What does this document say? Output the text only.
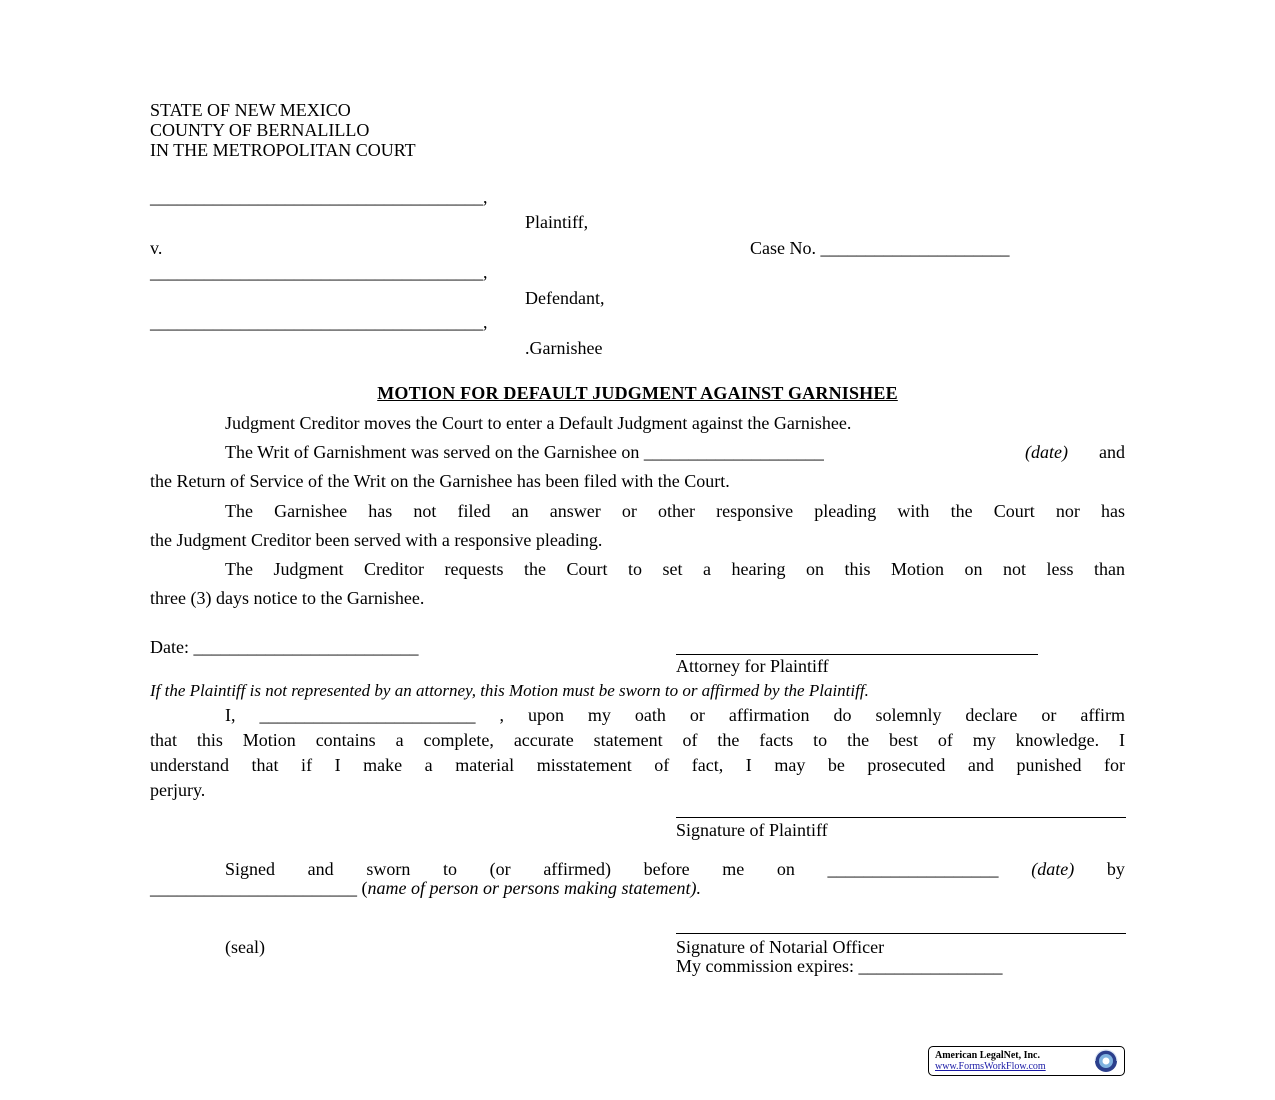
STATE OF NEW MEXICO
COUNTY OF BERNALILLO
IN THE METROPOLITAN COURT
_____________________________________,
Plaintiff,
v.	Case No. _____________________
_____________________________________,
Defendant,
_____________________________________,
.Garnishee
MOTION FOR DEFAULT JUDGMENT AGAINST GARNISHEE
Judgment Creditor moves the Court to enter a Default Judgment against the Garnishee.
The Writ of Garnishment was served on the Garnishee on ____________________	(date) and
the Return of Service of the Writ on the Garnishee has been filed with the Court.
The Garnishee has not filed an answer or other responsive pleading with the Court nor has
the Judgment Creditor been served with a responsive pleading.
The Judgment Creditor requests the Court to set a hearing on this Motion on not less than
three (3) days notice to the Garnishee.
Date: _________________________
Attorney for Plaintiff
If the Plaintiff is not represented by an attorney, this Motion must be sworn to or affirmed by the Plaintiff.
I, ________________________ , upon my oath or affirmation do solemnly declare or affirm
that this Motion contains a complete, accurate statement of the facts to the best of my knowledge. I
understand that if I make a material misstatement of fact, I may be prosecuted and punished for
perjury.
Signature of Plaintiff
Signed and sworn to (or affirmed) before me on ___________________ (date) by
_______________________ (name of person or persons making statement).
(seal)	Signature of Notarial Officer
My commission expires: ________________
American LegalNet, Inc.
www.FormsWorkFlow.com
